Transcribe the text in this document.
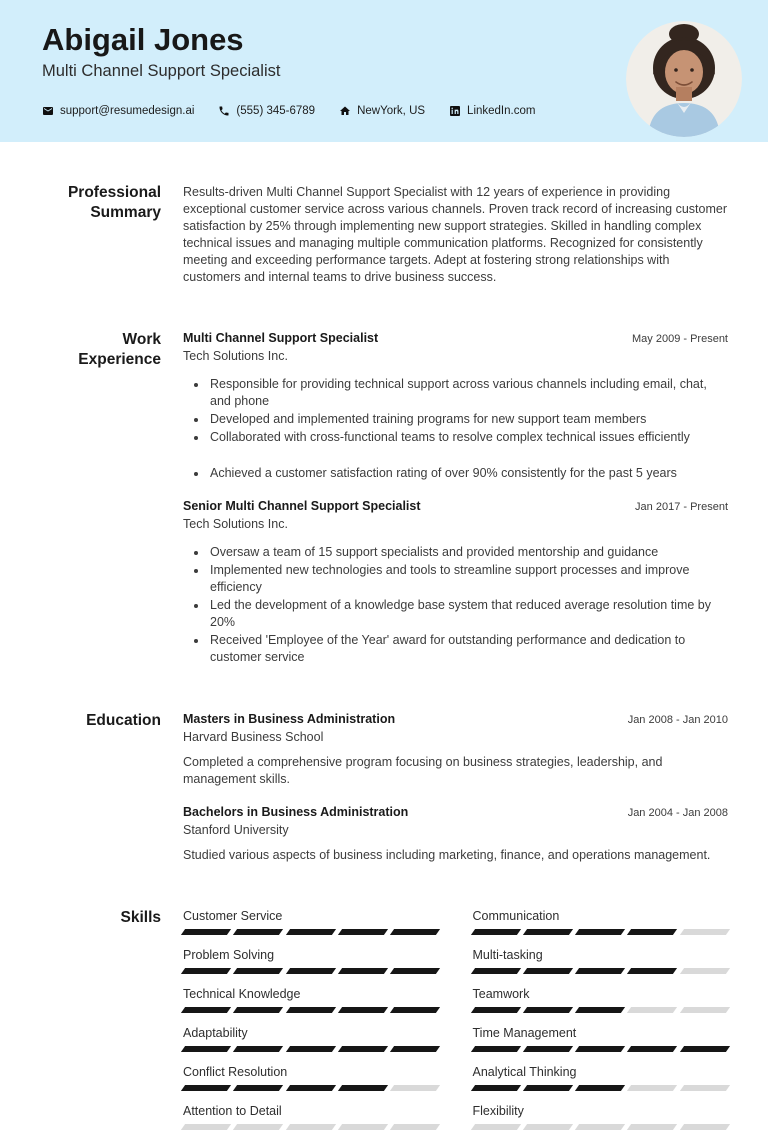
Abigail Jones
Multi Channel Support Specialist
support@resumedesign.ai	(555) 345-6789	NewYork, US	LinkedIn.com
Professional Summary

Results-driven Multi Channel Support Specialist with 12 years of experience in providing exceptional customer service across various channels. Proven track record of increasing customer satisfaction by 25% through implementing new support strategies. Skilled in handling complex technical issues and managing multiple communication platforms. Recognized for consistently meeting and exceeding performance targets. Adept at fostering strong relationships with customers and internal teams to drive business success.

Work Experience
Multi Channel Support Specialist	May 2009 - Present
Tech Solutions Inc.
• Responsible for providing technical support across various channels including email, chat, and phone
• Developed and implemented training programs for new support team members
• Collaborated with cross-functional teams to resolve complex technical issues efficiently
• Achieved a customer satisfaction rating of over 90% consistently for the past 5 years
Senior Multi Channel Support Specialist	Jan 2017 - Present
Tech Solutions Inc.
• Oversaw a team of 15 support specialists and provided mentorship and guidance
• Implemented new technologies and tools to streamline support processes and improve efficiency
• Led the development of a knowledge base system that reduced average resolution time by 20%
• Received 'Employee of the Year' award for outstanding performance and dedication to customer service
Education Masters in Business Administration	Jan 2008 - Jan 2010
Harvard Business School

Completed a comprehensive program focusing on business strategies, leadership, and management skills.

Bachelors in Business Administration	Jan 2004 - Jan 2008
Stanford University

Studied various aspects of business including marketing, finance, and operations management.

Skills Customer Service
Problem Solving
Technical Knowledge
Adaptability
Conflict Resolution
Attention to Detail
Communication
Multi-tasking
Teamwork
Time Management
Analytical Thinking
Flexibility
